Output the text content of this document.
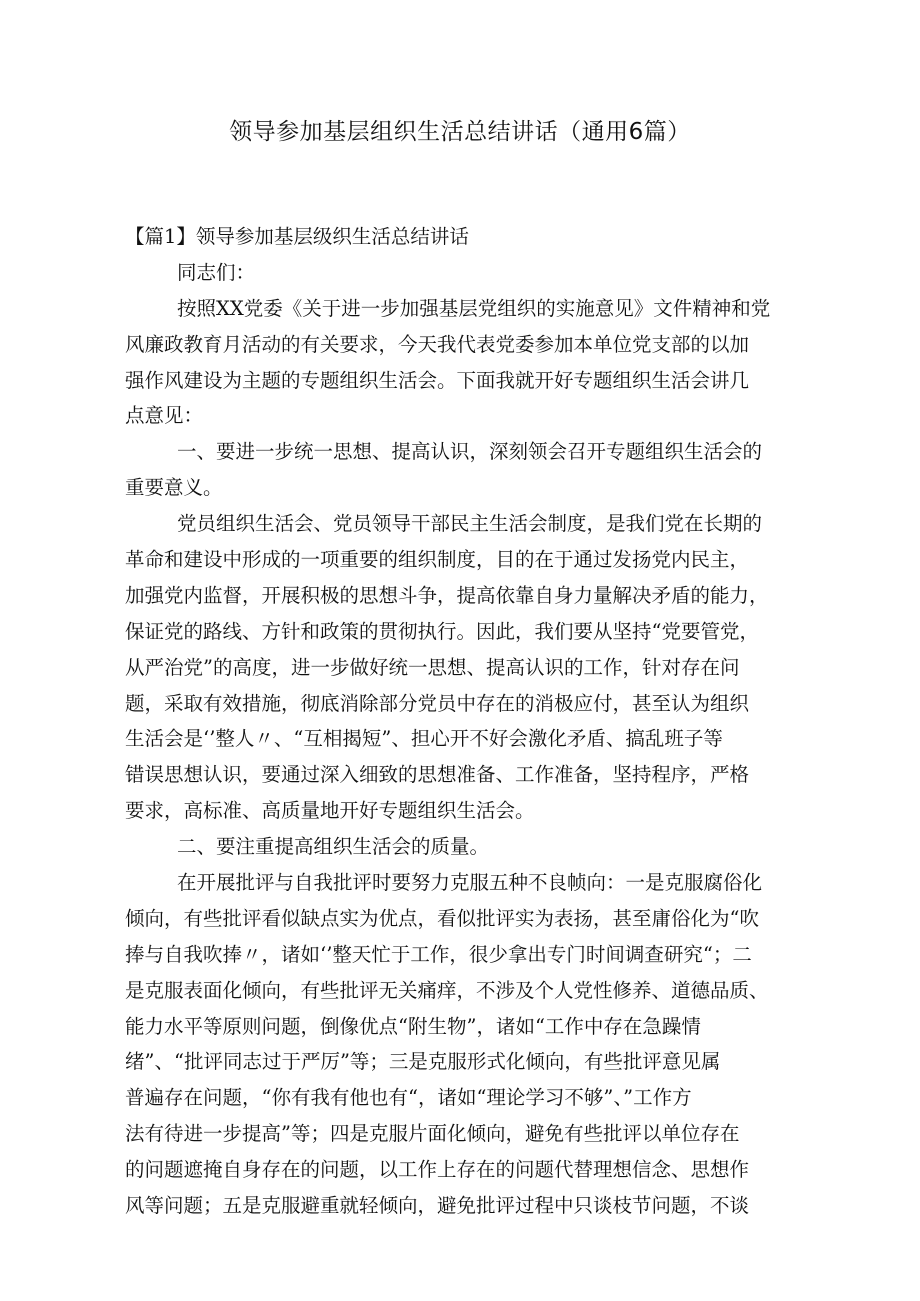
领导参加基层组织生活总结讲话（通用6篇）
【篇1】领导参加基层级织生活总结讲话
同志们：
按照XX党委《关于进一步加强基层党组织的实施意见》文件精神和党
风廉政教育月活动的有关要求，今天我代表党委参加本单位党支部的以加
强作风建设为主题的专题组织生活会。下面我就开好专题组织生活会讲几
点意见：
一、要进一步统一思想、提高认识，深刻领会召开专题组织生活会的
重要意义。
党员组织生活会、党员领导干部民主生活会制度，是我们党在长期的
革命和建设中形成的一项重要的组织制度，目的在于通过发扬党内民主，
加强党内监督，开展积极的思想斗争，提高依靠自身力量解决矛盾的能力，
保证党的路线、方针和政策的贯彻执行。因此，我们要从坚持“党要管党，
从严治党”的高度，进一步做好统一思想、提高认识的工作，针对存在问
题，采取有效措施，彻底消除部分党员中存在的消极应付，甚至认为组织
生活会是‘’整人〃、“互相揭短”、担心开不好会激化矛盾、搞乱班子等
错误思想认识，要通过深入细致的思想准备、工作准备，坚持程序，严格
要求，高标准、高质量地开好专题组织生活会。
二、要注重提高组织生活会的质量。
在开展批评与自我批评时要努力克服五种不良帧向：一是克服腐俗化
倾向，有些批评看似缺点实为优点，看似批评实为表扬，甚至庸俗化为“吹
捧与自我吹捧〃，诸如‘’整天忙于工作，很少拿出专门时间调查研究“；二
是克服表面化倾向，有些批评无关痛痒，不涉及个人党性修养、道德品质、
能力水平等原则问题，倒像优点“附生物”，诸如“工作中存在急躁情
绪”、“批评同志过于严厉”等；三是克服形式化倾向，有些批评意见属
普遍存在问题，“你有我有他也有“，诸如“理论学习不够”、”工作方
法有待进一步提高”等；四是克服片面化倾向，避免有些批评以单位存在
的问题遮掩自身存在的问题，以工作上存在的问题代替理想信念、思想作
风等问题；五是克服避重就轻倾向，避免批评过程中只谈枝节问题，不谈
